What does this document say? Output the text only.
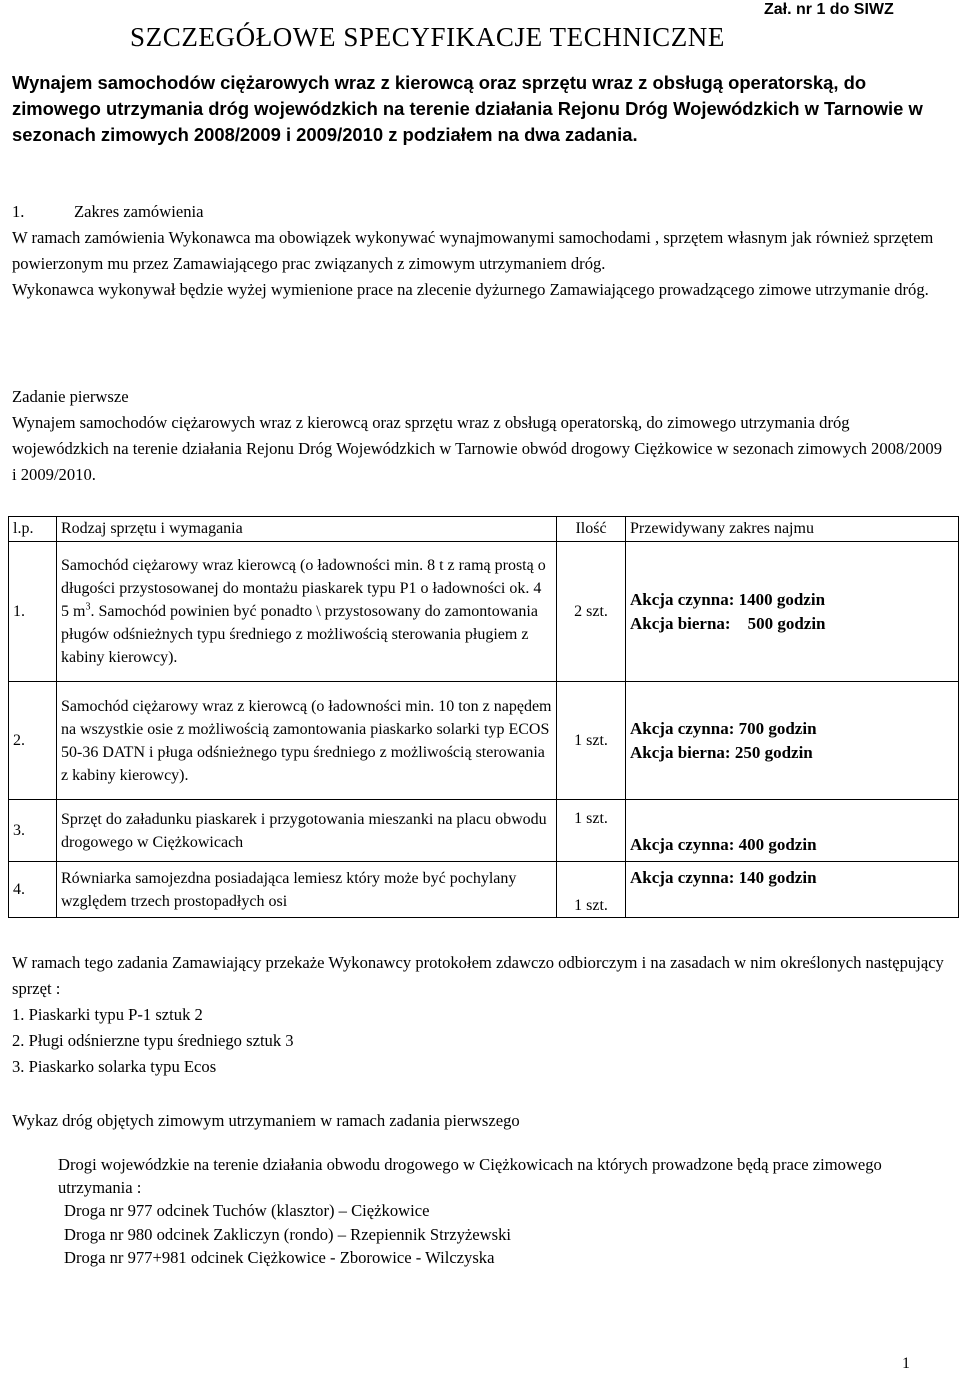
Zał. nr 1 do SIWZ
SZCZEGÓŁOWE SPECYFIKACJE TECHNICZNE
Wynajem samochodów ciężarowych wraz z kierowcą oraz sprzętu wraz z obsługą operatorską, do zimowego utrzymania dróg wojewódzkich na terenie działania Rejonu Dróg Wojewódzkich w Tarnowie w sezonach zimowych 2008/2009 i 2009/2010 z podziałem na dwa zadania.
1.	Zakres zamówienia

W ramach zamówienia Wykonawca ma obowiązek wykonywać wynajmowanymi samochodami , sprzętem własnym jak również sprzętem powierzonym mu przez Zamawiającego prac związanych z zimowym utrzymaniem dróg.

Wykonawca wykonywał będzie wyżej wymienione prace na zlecenie dyżurnego Zamawiającego prowadzącego zimowe utrzymanie dróg.

Zadanie pierwsze

Wynajem samochodów ciężarowych wraz z kierowcą oraz sprzętu wraz z obsługą operatorską, do zimowego utrzymania dróg wojewódzkich na terenie działania Rejonu Dróg Wojewódzkich w Tarnowie obwód drogowy Ciężkowice w sezonach zimowych 2008/2009 i 2009/2010.

l.p.	Rodzaj sprzętu i wymagania	Ilość	Przewidywany zakres najmu
1.	Samochód ciężarowy wraz kierowcą (o ładowności min. 8 t z ramą prostą o długości przystosowanej do montażu piaskarek typu P1 o ładowności ok. 4 5 $m^3$. Samochód powinien być ponadto \ przystosowany do zamontowania pługów odśnieżnych typu średniego z możliwością sterowania pługiem z kabiny kierowcy).	2 szt.	Akcja czynna: 1400 godzin
Akcja bierna:    500 godzin

2.	Samochód ciężarowy wraz z kierowcą (o ładowności min. 10 ton z napędem na wszystkie osie z możliwością zamontowania piaskarko solarki typ ECOS 50-36 DATN i pługa odśnieżnego typu średniego z możliwością sterowania z kabiny kierowcy).	1 szt.	Akcja czynna: 700 godzin
Akcja bierna: 250 godzin

3.	Sprzęt do załadunku piaskarek i przygotowania mieszanki na placu obwodu drogowego w Ciężkowicach	1 szt.	Akcja czynna: 400 godzin

4.	Równiarka samojezdna posiadająca lemiesz który może być pochylany względem trzech prostopadłych osi	1 szt.	Akcja czynna: 140 godzin
W ramach tego zadania Zamawiający przekaże Wykonawcy protokołem zdawczo odbiorczym i na zasadach w nim określonych następujący sprzęt :
1. Piaskarki typu P-1 sztuk 2
2. Pługi odśnierzne typu średniego sztuk 3
3. Piaskarko solarka typu Ecos
Wykaz dróg objętych zimowym utrzymaniem w ramach zadania pierwszego
Drogi wojewódzkie na terenie działania obwodu drogowego w Ciężkowicach na których prowadzone będą prace zimowego utrzymania :
Droga nr 977 odcinek Tuchów (klasztor) – Ciężkowice
Droga nr 980 odcinek Zakliczyn (rondo) – Rzepiennik Strzyżewski
Droga nr 977+981 odcinek Ciężkowice - Zborowice - Wilczyska
1
